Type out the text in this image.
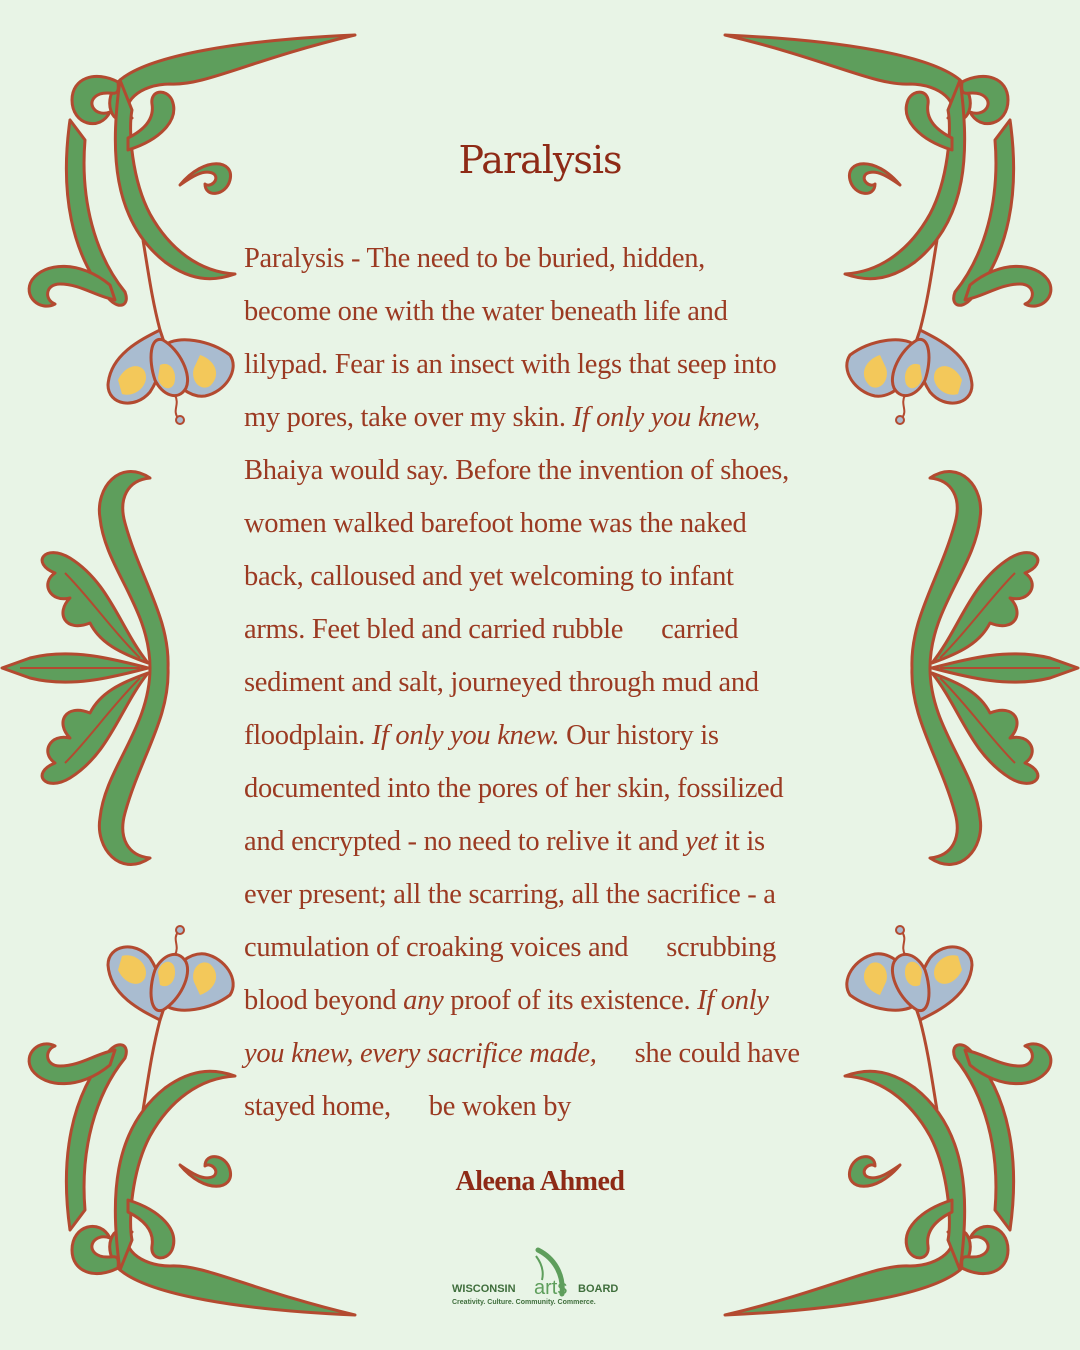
Paralysis
Paralysis - The need to be buried, hidden,
become one with the water beneath life and
lilypad. Fear is an insect with legs that seep into
my pores, take over my skin. If only you knew,
Bhaiya would say. Before the invention of shoes,
women walked barefoot home was the naked
back, calloused and yet welcoming to infant
arms. Feet bled and carried rubble carried
sediment and salt, journeyed through mud and
floodplain. If only you knew. Our history is
documented into the pores of her skin, fossilized
and encrypted - no need to relive it and yet it is
ever present; all the scarring, all the sacrifice - a
cumulation of croaking voices and scrubbing
blood beyond any proof of its existence. If only
you knew, every sacrifice made, she could have
stayed home, be woken by
Aleena Ahmed
WISCONSIN arts BOARD
Creativity. Culture. Community. Commerce.
